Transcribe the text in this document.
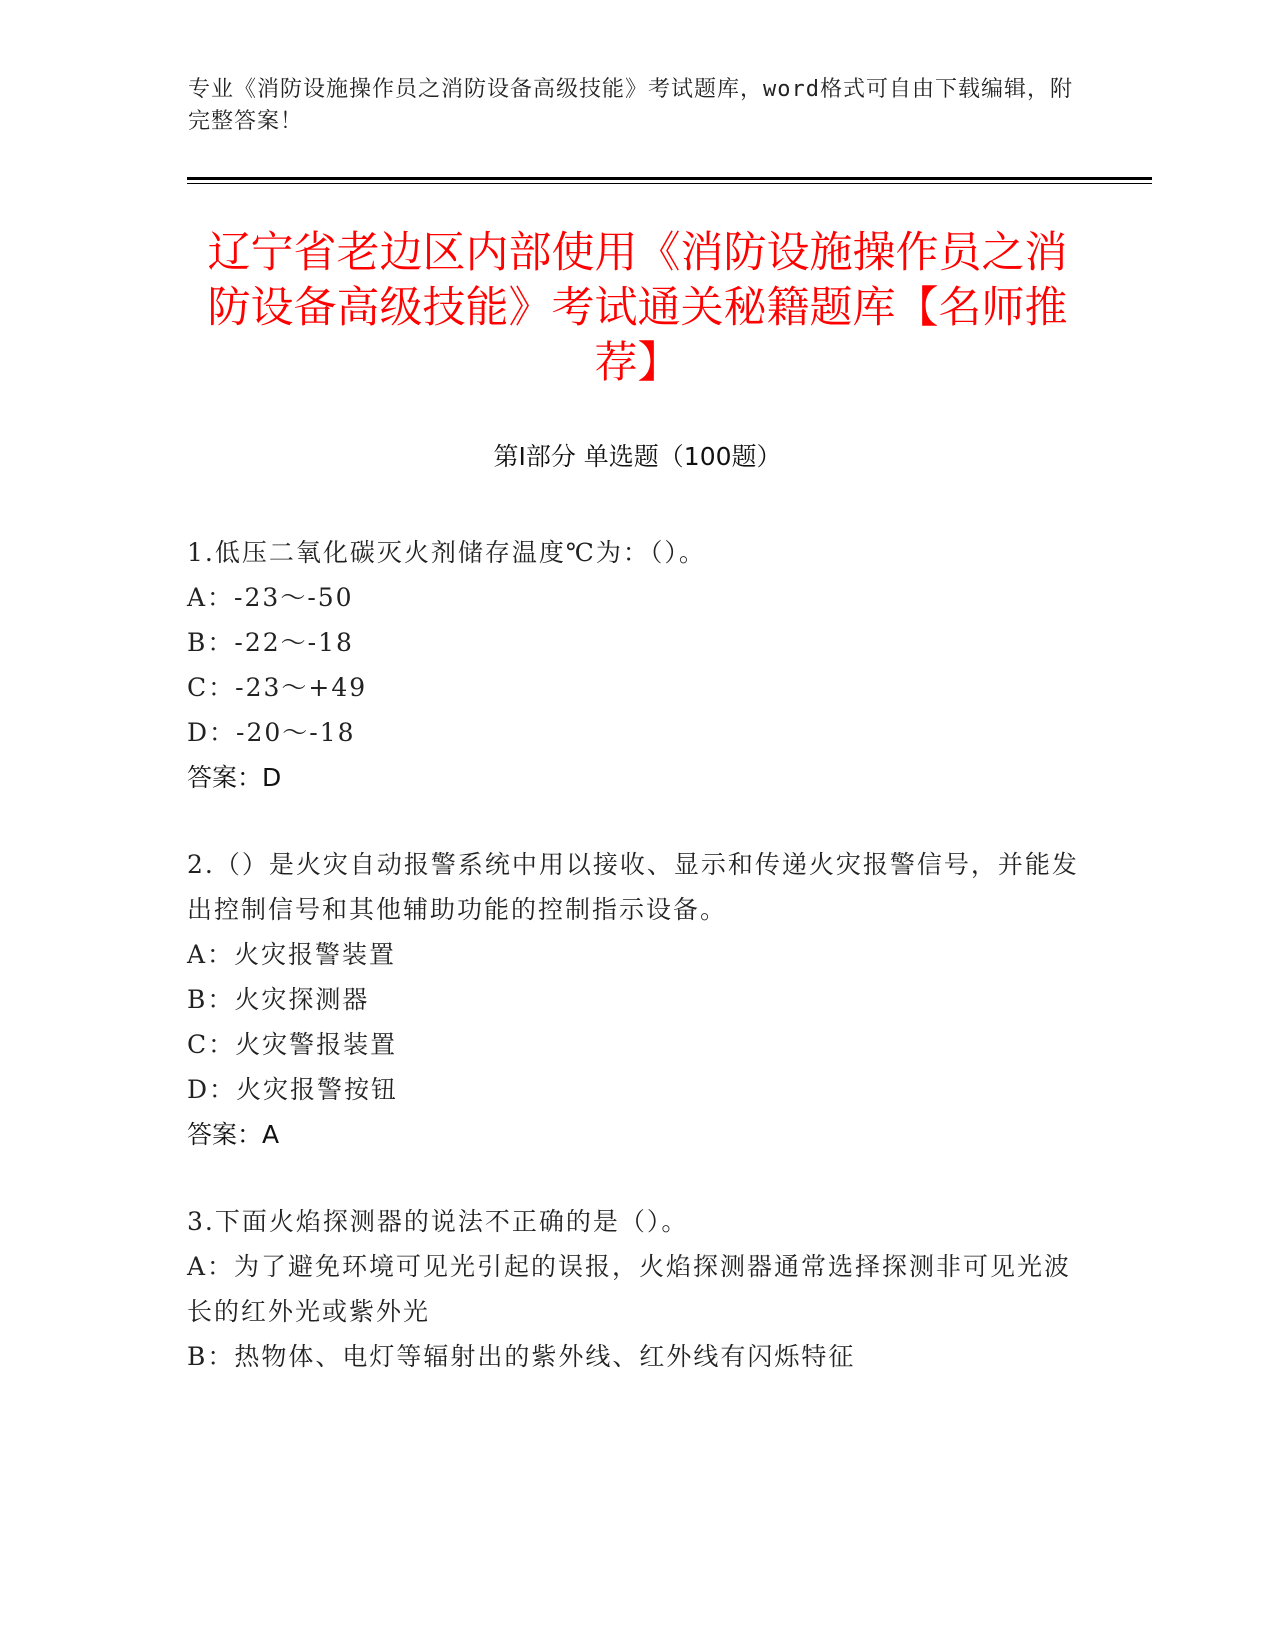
专业《消防设施操作员之消防设备高级技能》考试题库，word格式可自由下载编辑，附完整答案！
辽宁省老边区内部使用《消防设施操作员之消防设备高级技能》考试通关秘籍题库【名师推荐】
第Ⅰ部分 单选题（100题）
1.低压二氧化碳灭火剂储存温度℃为：（）。
A：-23～-50
B：-22～-18
C：-23～+49
D：-20～-18
答案：D
2.（）是火灾自动报警系统中用以接收、显示和传递火灾报警信号，并能发出控制信号和其他辅助功能的控制指示设备。
A：火灾报警装置
B：火灾探测器
C：火灾警报装置
D：火灾报警按钮
答案：A
3.下面火焰探测器的说法不正确的是（）。
A：为了避免环境可见光引起的误报，火焰探测器通常选择探测非可见光波长的红外光或紫外光
B：热物体、电灯等辐射出的紫外线、红外线有闪烁特征
